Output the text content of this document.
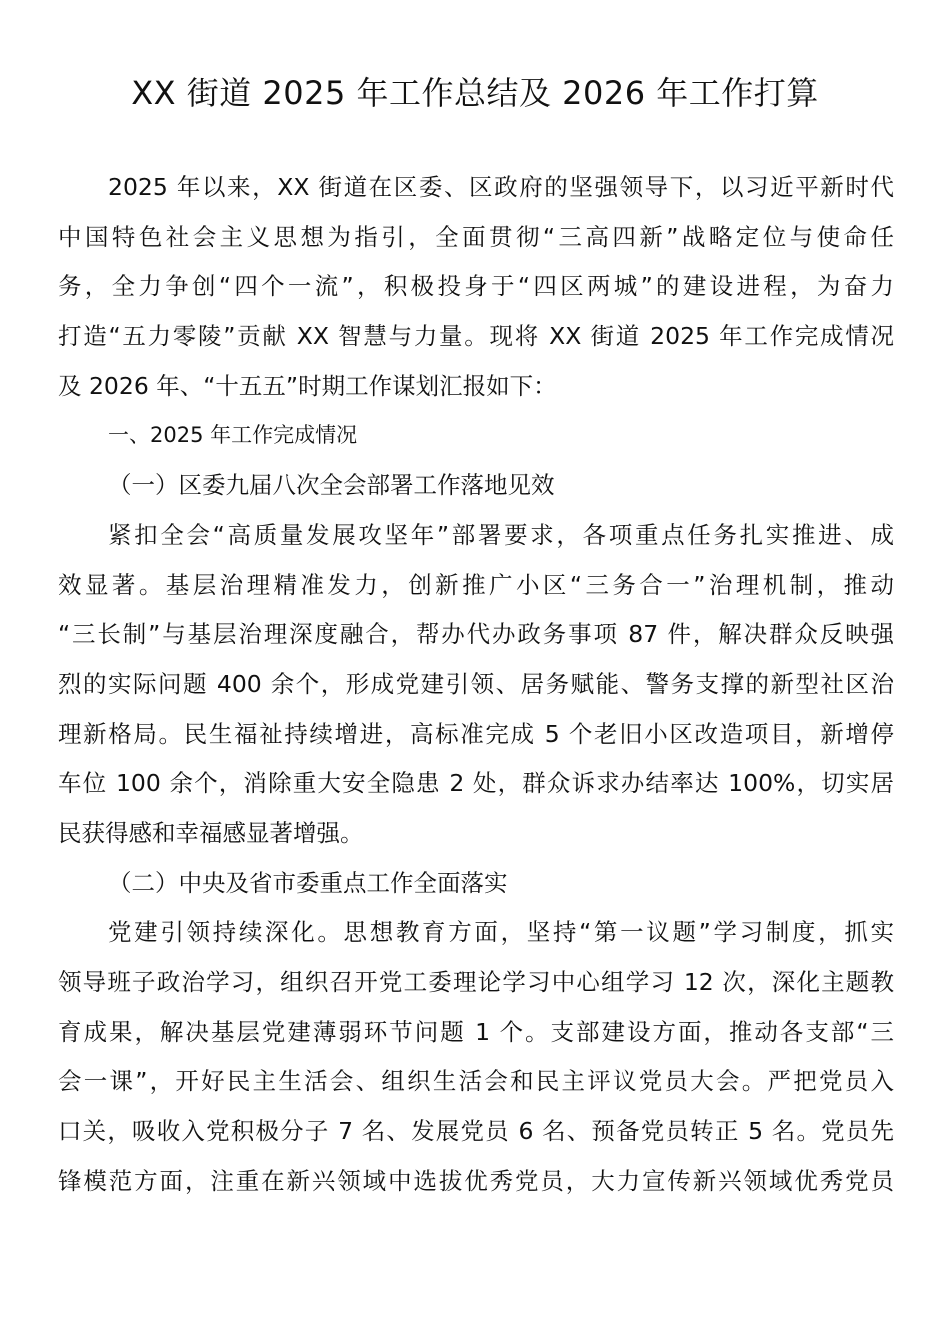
XX 街道 2025 年工作总结及 2026 年工作打算
2025 年以来，XX 街道在区委、区政府的坚强领导下，以习近平新时代
中国特色社会主义思想为指引，全面贯彻“三高四新”战略定位与使命任
务，全力争创“四个一流”，积极投身于“四区两城”的建设进程，为奋力
打造“五力零陵”贡献 XX 智慧与力量。现将 XX 街道 2025 年工作完成情况
及 2026 年、“十五五”时期工作谋划汇报如下：
一、2025 年工作完成情况
（一）区委九届八次全会部署工作落地见效
紧扣全会“高质量发展攻坚年”部署要求，各项重点任务扎实推进、成
效显著。基层治理精准发力，创新推广小区“三务合一”治理机制，推动
“三长制”与基层治理深度融合，帮办代办政务事项 87 件，解决群众反映强
烈的实际问题 400 余个，形成党建引领、居务赋能、警务支撑的新型社区治
理新格局。民生福祉持续增进，高标准完成 5 个老旧小区改造项目，新增停
车位 100 余个，消除重大安全隐患 2 处，群众诉求办结率达 100%，切实居
民获得感和幸福感显著增强。
（二）中央及省市委重点工作全面落实
党建引领持续深化。思想教育方面，坚持“第一议题”学习制度，抓实
领导班子政治学习，组织召开党工委理论学习中心组学习 12 次，深化主题教
育成果，解决基层党建薄弱环节问题 1 个。支部建设方面，推动各支部“三
会一课”，开好民主生活会、组织生活会和民主评议党员大会。严把党员入
口关，吸收入党积极分子 7 名、发展党员 6 名、预备党员转正 5 名。党员先
锋模范方面，注重在新兴领域中选拔优秀党员，大力宣传新兴领域优秀党员
